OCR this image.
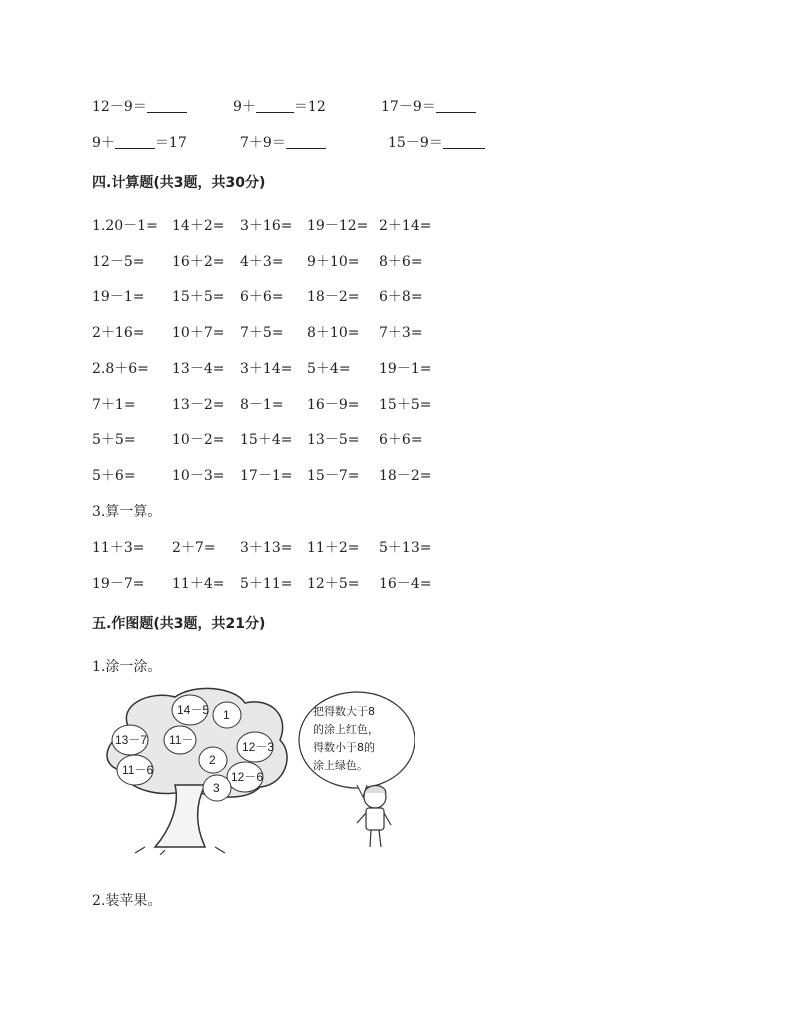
12－9＝	9＋	＝12	17－9＝
9＋	＝17	7＋9＝	15－9＝
四.计算题(共3题，共30分)
1.20－1= 14＋2= 3＋16= 19－12= 2＋14=
12－5= 16＋2= 4＋3= 9＋10= 8＋6=
19－1= 15＋5= 6＋6= 18－2= 6＋8=
2＋16= 10＋7= 7＋5= 8＋10= 7＋3=
2.8＋6= 13－4= 3＋14= 5＋4= 19－1=
7＋1=	13－2= 8－1= 16－9= 15＋5=
5＋5=	10－2= 15＋4= 13－5= 6＋6=
5＋6=	10－3= 17－1= 15－7= 18－2=
3.算一算。
11＋3= 2＋7= 3＋13= 11＋2= 5＋13=
19－7= 11＋4= 5＋11= 12＋5= 16－4=
五.作图题(共3题，共21分)
1.涂一涂。
14－5
13－7
11－6
12－3
12－6
11－
1
2
3
把得数大于8
的涂上红色，
得数小于8的
涂上绿色。
2.装苹果。
